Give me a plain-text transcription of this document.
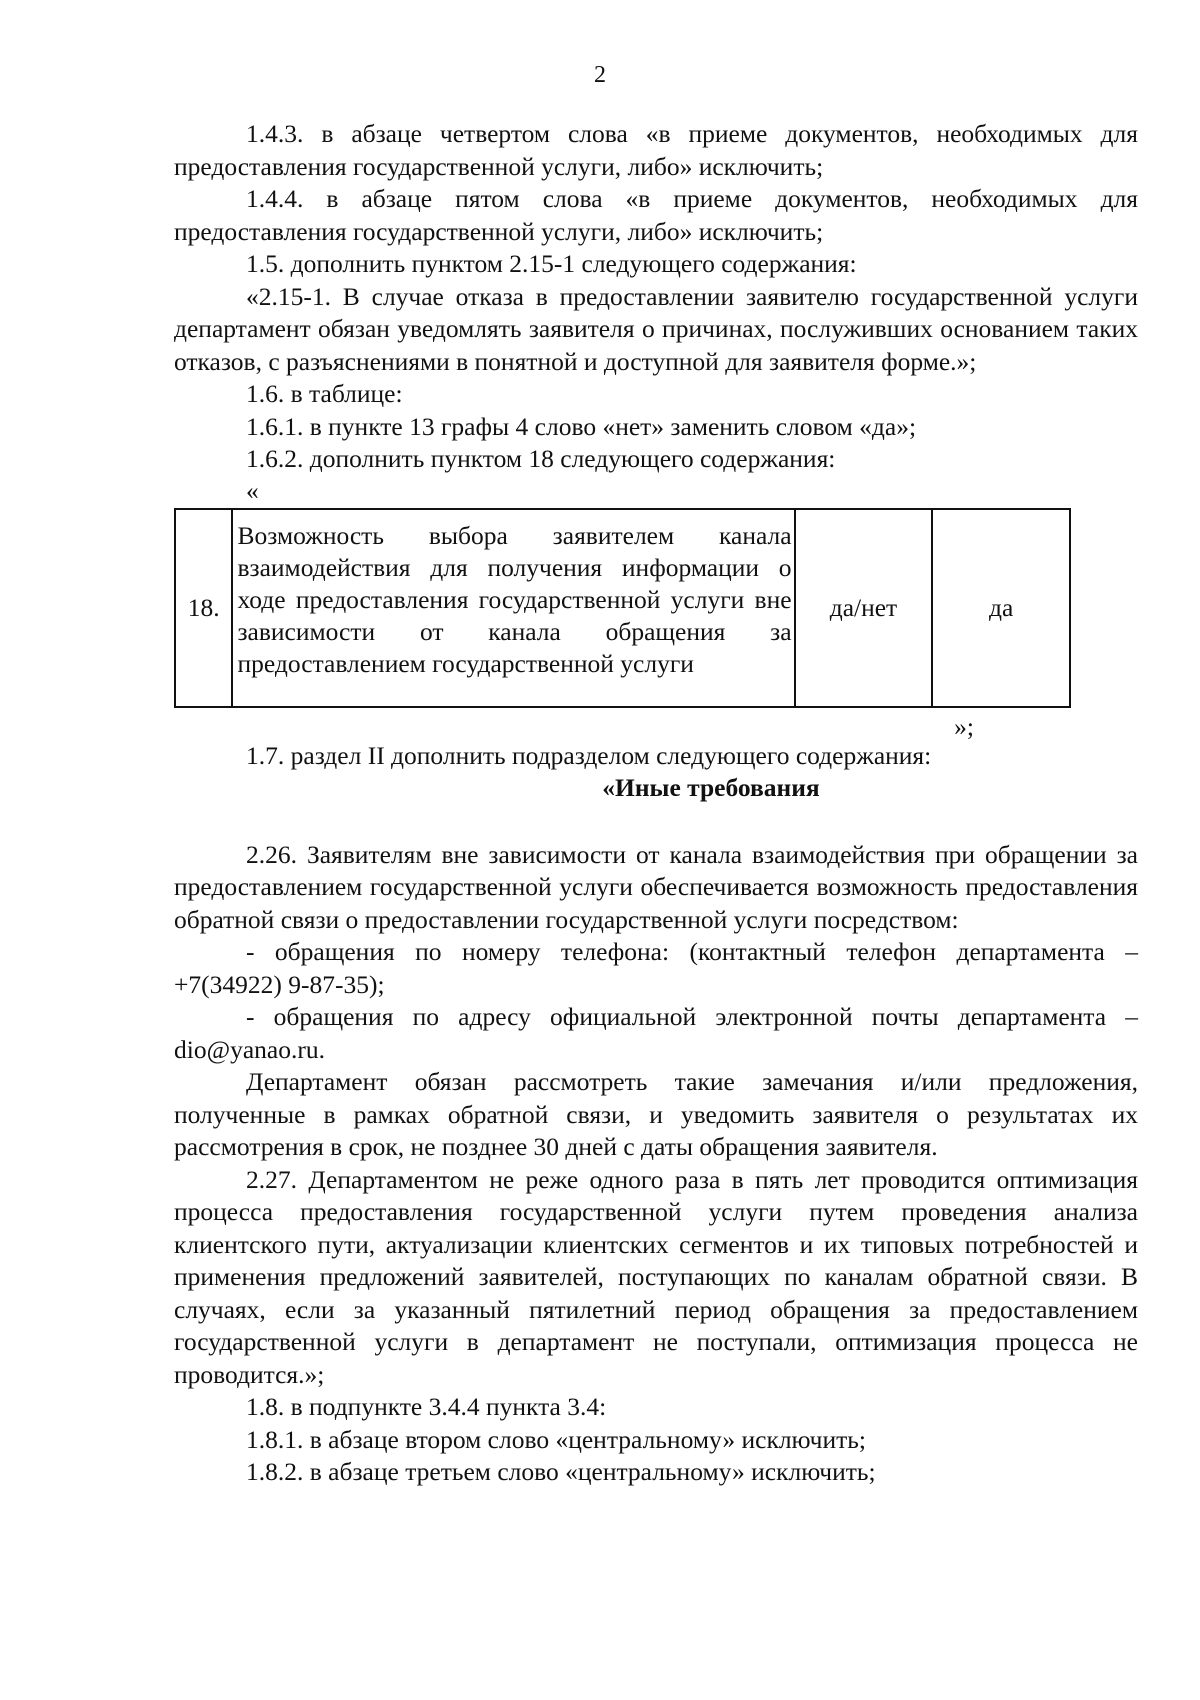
2

1.4.3. в абзаце четвертом слова «в приеме документов, необходимых для предоставления государственной услуги, либо» исключить;

1.4.4. в абзаце пятом слова «в приеме документов, необходимых для предоставления государственной услуги, либо» исключить;

1.5. дополнить пунктом 2.15-1 следующего содержания:

«2.15-1. В случае отказа в предоставлении заявителю государственной услуги департамент обязан уведомлять заявителя о причинах, послуживших основанием таких отказов, с разъяснениями в понятной и доступной для заявителя форме.»;

1.6. в таблице:

1.6.1. в пункте 13 графы 4 слово «нет» заменить словом «да»;

1.6.2. дополнить пунктом 18 следующего содержания:

«

18.	Возможность выбора заявителем канала взаимодействия для получения информации о ходе предоставления государственной услуги вне зависимости от канала обращения за предоставлением государственной услуги	да/нет	да

»;

1.7. раздел II дополнить подразделом следующего содержания:

«Иные требования

2.26. Заявителям вне зависимости от канала взаимодействия при обращении за предоставлением государственной услуги обеспечивается возможность предоставления обратной связи о предоставлении государственной услуги посредством:

- обращения по номеру телефона: (контактный телефон департамента – +7(34922) 9-87-35);

- обращения по адресу официальной электронной почты департамента – dio@yanao.ru.

Департамент обязан рассмотреть такие замечания и/или предложения, полученные в рамках обратной связи, и уведомить заявителя о результатах их рассмотрения в срок, не позднее 30 дней с даты обращения заявителя.

2.27. Департаментом не реже одного раза в пять лет проводится оптимизация процесса предоставления государственной услуги путем проведения анализа клиентского пути, актуализации клиентских сегментов и их типовых потребностей и применения предложений заявителей, поступающих по каналам обратной связи. В случаях, если за указанный пятилетний период обращения за предоставлением государственной услуги в департамент не поступали, оптимизация процесса не проводится.»;

1.8. в подпункте 3.4.4 пункта 3.4:

1.8.1. в абзаце втором слово «центральному» исключить;

1.8.2. в абзаце третьем слово «центральному» исключить;
